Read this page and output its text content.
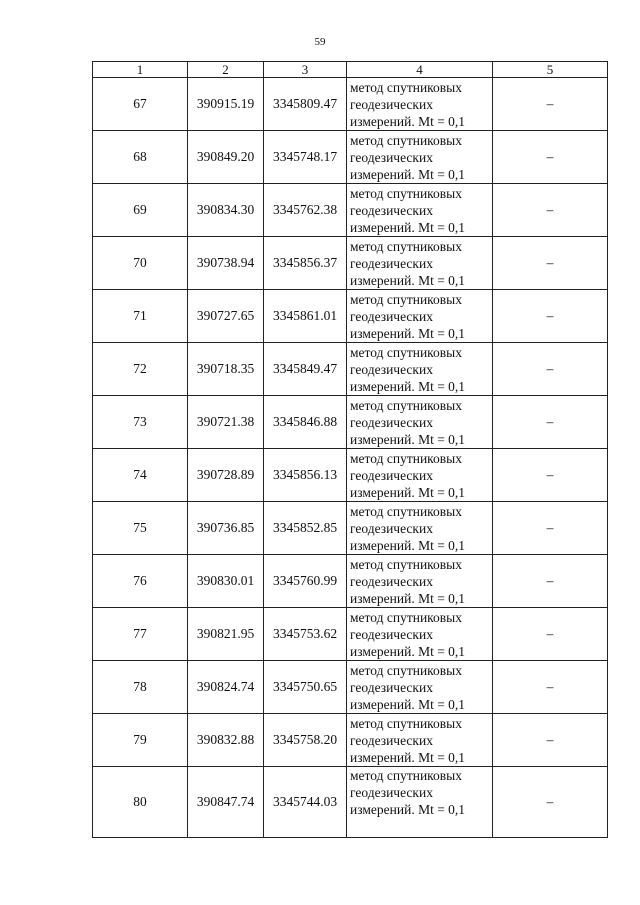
59
1	2	3	4	5
67	390915.19	3345809.47	метод спутниковых
геодезических
измерений. Mt = 0,1	–
68	390849.20	3345748.17	метод спутниковых
геодезических
измерений. Mt = 0,1	–
69	390834.30	3345762.38	метод спутниковых
геодезических
измерений. Mt = 0,1	–
70	390738.94	3345856.37	метод спутниковых
геодезических
измерений. Mt = 0,1	–
71	390727.65	3345861.01	метод спутниковых
геодезических
измерений. Mt = 0,1	–
72	390718.35	3345849.47	метод спутниковых
геодезических
измерений. Mt = 0,1	–
73	390721.38	3345846.88	метод спутниковых
геодезических
измерений. Mt = 0,1	–
74	390728.89	3345856.13	метод спутниковых
геодезических
измерений. Mt = 0,1	–
75	390736.85	3345852.85	метод спутниковых
геодезических
измерений. Mt = 0,1	–
76	390830.01	3345760.99	метод спутниковых
геодезических
измерений. Mt = 0,1	–
77	390821.95	3345753.62	метод спутниковых
геодезических
измерений. Mt = 0,1	–
78	390824.74	3345750.65	метод спутниковых
геодезических
измерений. Mt = 0,1	–
79	390832.88	3345758.20	метод спутниковых
геодезических
измерений. Mt = 0,1	–
80	390847.74	3345744.03	метод спутниковых
геодезических
измерений. Mt = 0,1	–
